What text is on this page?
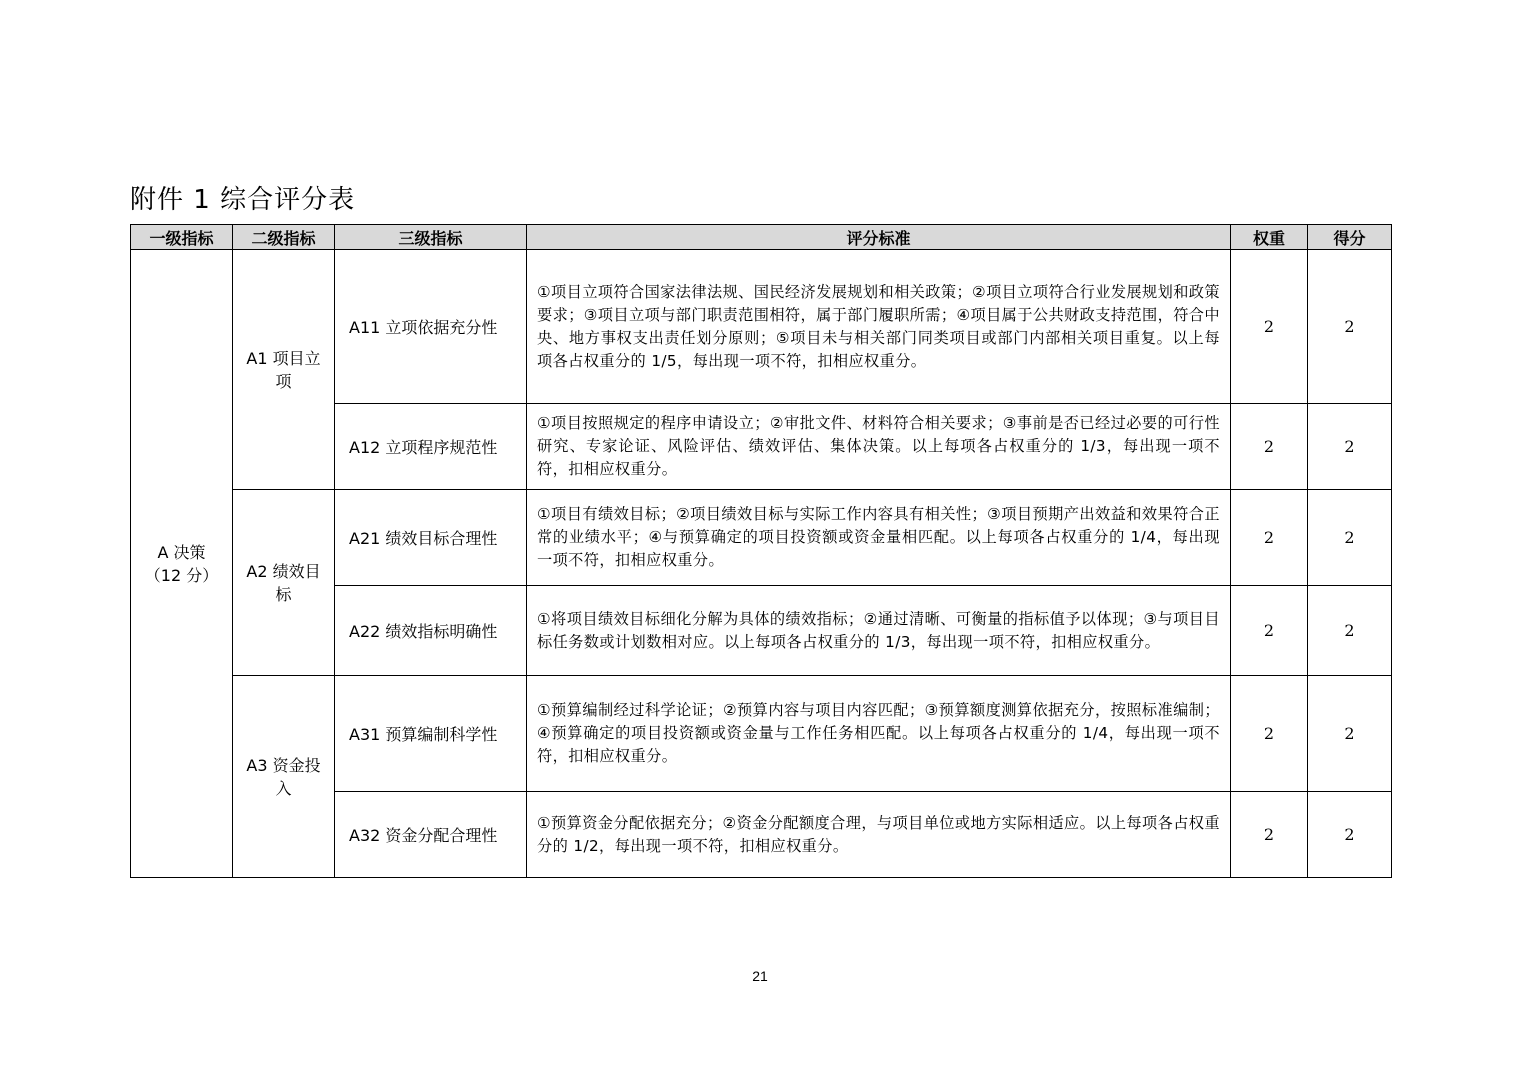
附件 1 综合评分表
一级指标	二级指标	三级指标	评分标准	权重	得分

A 决策
（12 分）	A1 项目立项	A11 立项依据充分性	①项目立项符合国家法律法规、国民经济发展规划和相关政策；②项目立项符合行业发展规划和政策要求；③项目立项与部门职责范围相符，属于部门履职所需；④项目属于公共财政支持范围，符合中央、地方事权支出责任划分原则；⑤项目未与相关部门同类项目或部门内部相关项目重复。以上每项各占权重分的 1/5，每出现一项不符，扣相应权重分。	2	2
		A12 立项程序规范性	①项目按照规定的程序申请设立；②审批文件、材料符合相关要求；③事前是否已经过必要的可行性研究、专家论证、风险评估、绩效评估、集体决策。以上每项各占权重分的 1/3，每出现一项不符，扣相应权重分。	2	2
	A2 绩效目标	A21 绩效目标合理性	①项目有绩效目标；②项目绩效目标与实际工作内容具有相关性；③项目预期产出效益和效果符合正常的业绩水平；④与预算确定的项目投资额或资金量相匹配。以上每项各占权重分的 1/4，每出现一项不符，扣相应权重分。	2	2
		A22 绩效指标明确性	①将项目绩效目标细化分解为具体的绩效指标；②通过清晰、可衡量的指标值予以体现；③与项目目标任务数或计划数相对应。以上每项各占权重分的 1/3，每出现一项不符，扣相应权重分。	2	2
	A3 资金投入	A31 预算编制科学性	①预算编制经过科学论证；②预算内容与项目内容匹配；③预算额度测算依据充分，按照标准编制；④预算确定的项目投资额或资金量与工作任务相匹配。以上每项各占权重分的 1/4，每出现一项不符，扣相应权重分。	2	2
		A32 资金分配合理性	①预算资金分配依据充分；②资金分配额度合理，与项目单位或地方实际相适应。以上每项各占权重分的 1/2，每出现一项不符，扣相应权重分。	2	2
21
